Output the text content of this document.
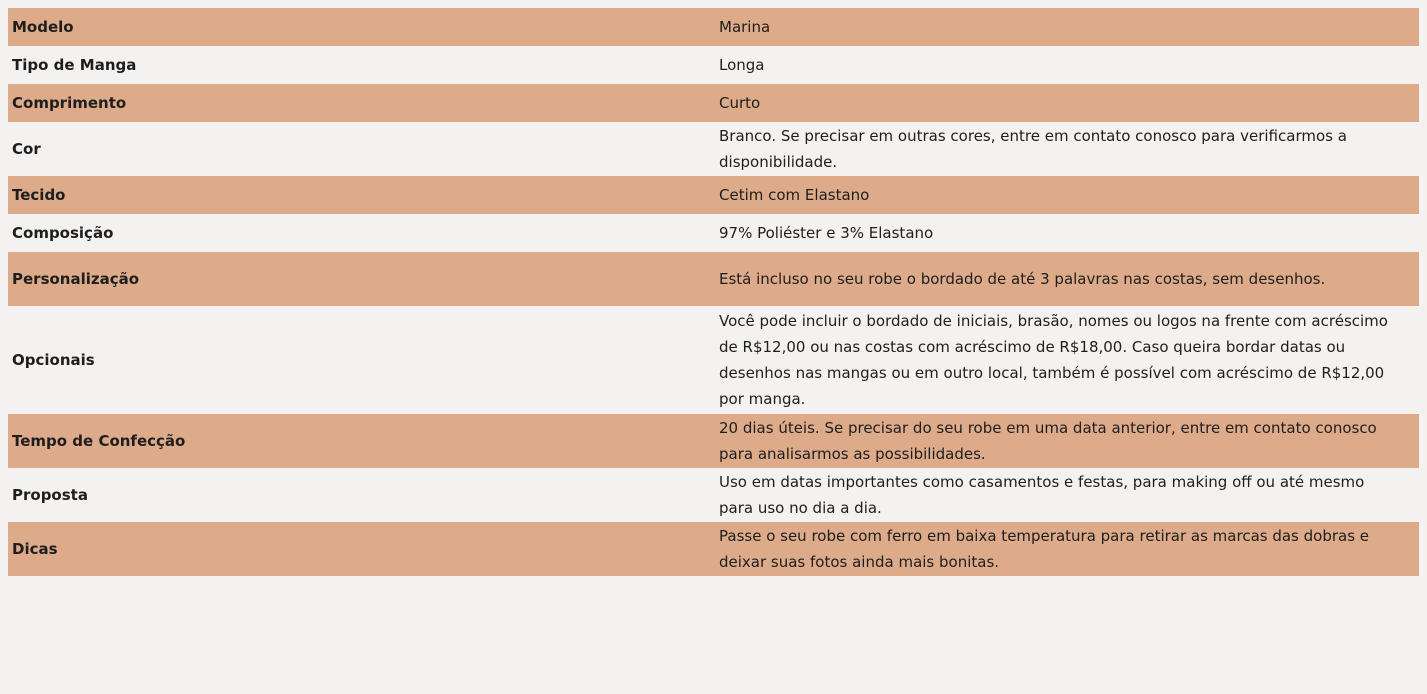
Modelo	Marina
Tipo de Manga	Longa
Comprimento	Curto
Cor	Branco. Se precisar em outras cores, entre em contato conosco para verificarmos a disponibilidade.
Tecido	Cetim com Elastano
Composição	97% Poliéster e 3% Elastano
Personalização	Está incluso no seu robe o bordado de até 3 palavras nas costas, sem desenhos.
Opcionais	Você pode incluir o bordado de iniciais, brasão, nomes ou logos na frente com acréscimo de R$12,00 ou nas costas com acréscimo de R$18,00. Caso queira bordar datas ou desenhos nas mangas ou em outro local, também é possível com acréscimo de R$12,00 por manga.
Tempo de Confecção	20 dias úteis. Se precisar do seu robe em uma data anterior, entre em contato conosco para analisarmos as possibilidades.
Proposta	Uso em datas importantes como casamentos e festas, para making off ou até mesmo para uso no dia a dia.
Dicas	Passe o seu robe com ferro em baixa temperatura para retirar as marcas das dobras e deixar suas fotos ainda mais bonitas.
